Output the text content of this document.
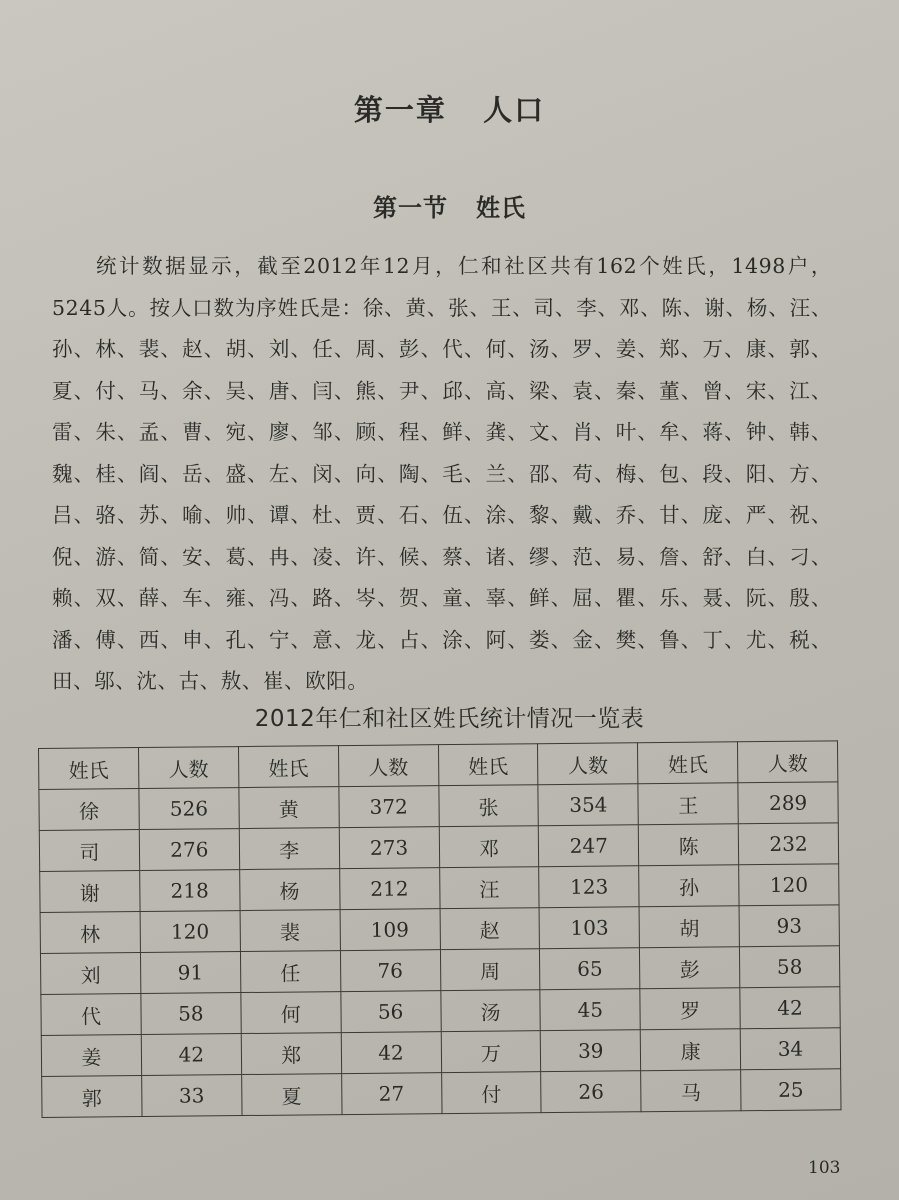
第一章   人口
第一节   姓氏

统计数据显示，截至2012年12月，仁和社区共有162个姓氏，1498户，5245人。按人口数为序姓氏是：徐、黄、张、王、司、李、邓、陈、谢、杨、汪、孙、林、裴、赵、胡、刘、任、周、彭、代、何、汤、罗、姜、郑、万、康、郭、夏、付、马、余、吴、唐、闫、熊、尹、邱、高、梁、袁、秦、董、曾、宋、江、雷、朱、孟、曹、宛、廖、邹、顾、程、鲜、龚、文、肖、叶、牟、蒋、钟、韩、魏、桂、阎、岳、盛、左、闵、向、陶、毛、兰、邵、苟、梅、包、段、阳、方、吕、骆、苏、喻、帅、谭、杜、贾、石、伍、涂、黎、戴、乔、甘、庞、严、祝、倪、游、简、安、葛、冉、凌、许、候、蔡、诸、缪、范、易、詹、舒、白、刁、赖、双、薛、车、雍、冯、路、岑、贺、童、辜、鲜、屈、瞿、乐、聂、阮、殷、潘、傅、西、申、孔、宁、意、龙、占、涂、阿、娄、金、樊、鲁、丁、尤、税、田、邬、沈、古、敖、崔、欧阳。

2012年仁和社区姓氏统计情况一览表
姓氏	人数	姓氏	人数	姓氏	人数	姓氏	人数
徐	526	黄	372	张	354	王	289
司	276	李	273	邓	247	陈	232
谢	218	杨	212	汪	123	孙	120
林	120	裴	109	赵	103	胡	93
刘	91	任	76	周	65	彭	58
代	58	何	56	汤	45	罗	42
姜	42	郑	42	万	39	康	34
郭	33	夏	27	付	26	马	25
103
